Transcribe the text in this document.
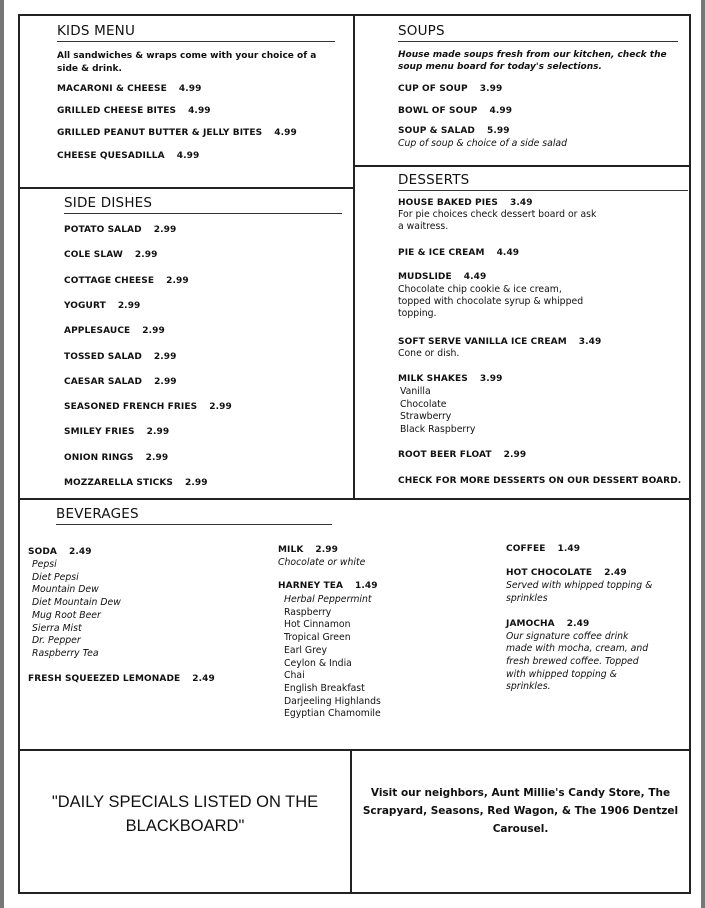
KIDS MENU
All sandwiches & wraps come with your choice of a side & drink.
MACARONI & CHEESE 4.99
GRILLED CHEESE BITES 4.99
GRILLED PEANUT BUTTER & JELLY BITES 4.99
CHEESE QUESADILLA 4.99
SOUPS
House made soups fresh from our kitchen, check the soup menu board for today's selections.
CUP OF SOUP 3.99
BOWL OF SOUP 4.99
SOUP & SALAD 5.99
Cup of soup & choice of a side salad
SIDE DISHES
POTATO SALAD 2.99
COLE SLAW 2.99
COTTAGE CHEESE 2.99
YOGURT 2.99
APPLESAUCE 2.99
TOSSED SALAD 2.99
CAESAR SALAD 2.99
SEASONED FRENCH FRIES 2.99
SMILEY FRIES 2.99
ONION RINGS 2.99
MOZZARELLA STICKS 2.99
DESSERTS
HOUSE BAKED PIES 3.49
For pie choices check dessert board or ask
a waitress.
PIE & ICE CREAM 4.49
MUDSLIDE 4.49
Chocolate chip cookie & ice cream,
topped with chocolate syrup & whipped
topping.
SOFT SERVE VANILLA ICE CREAM 3.49
Cone or dish.
MILK SHAKES 3.99
Vanilla
Chocolate
Strawberry
Black Raspberry
ROOT BEER FLOAT 2.99
CHECK FOR MORE DESSERTS ON OUR DESSERT BOARD.
BEVERAGES
SODA 2.49
Pepsi
Diet Pepsi
Mountain Dew
Diet Mountain Dew
Mug Root Beer
Sierra Mist
Dr. Pepper
Raspberry Tea
FRESH SQUEEZED LEMONADE 2.49
MILK 2.99
Chocolate or white
HARNEY TEA 1.49
Herbal Peppermint
Raspberry
Hot Cinnamon
Tropical Green
Earl Grey
Ceylon & India
Chai
English Breakfast
Darjeeling Highlands
Egyptian Chamomile
COFFEE 1.49
HOT CHOCOLATE 2.49
Served with whipped topping &
sprinkles
JAMOCHA 2.49
Our signature coffee drink
made with mocha, cream, and
fresh brewed coffee. Topped
with whipped topping &
sprinkles.
"DAILY SPECIALS LISTED ON THE
BLACKBOARD"
Visit our neighbors, Aunt Millie's Candy Store, The
Scrapyard, Seasons, Red Wagon, & The 1906 Dentzel
Carousel.
